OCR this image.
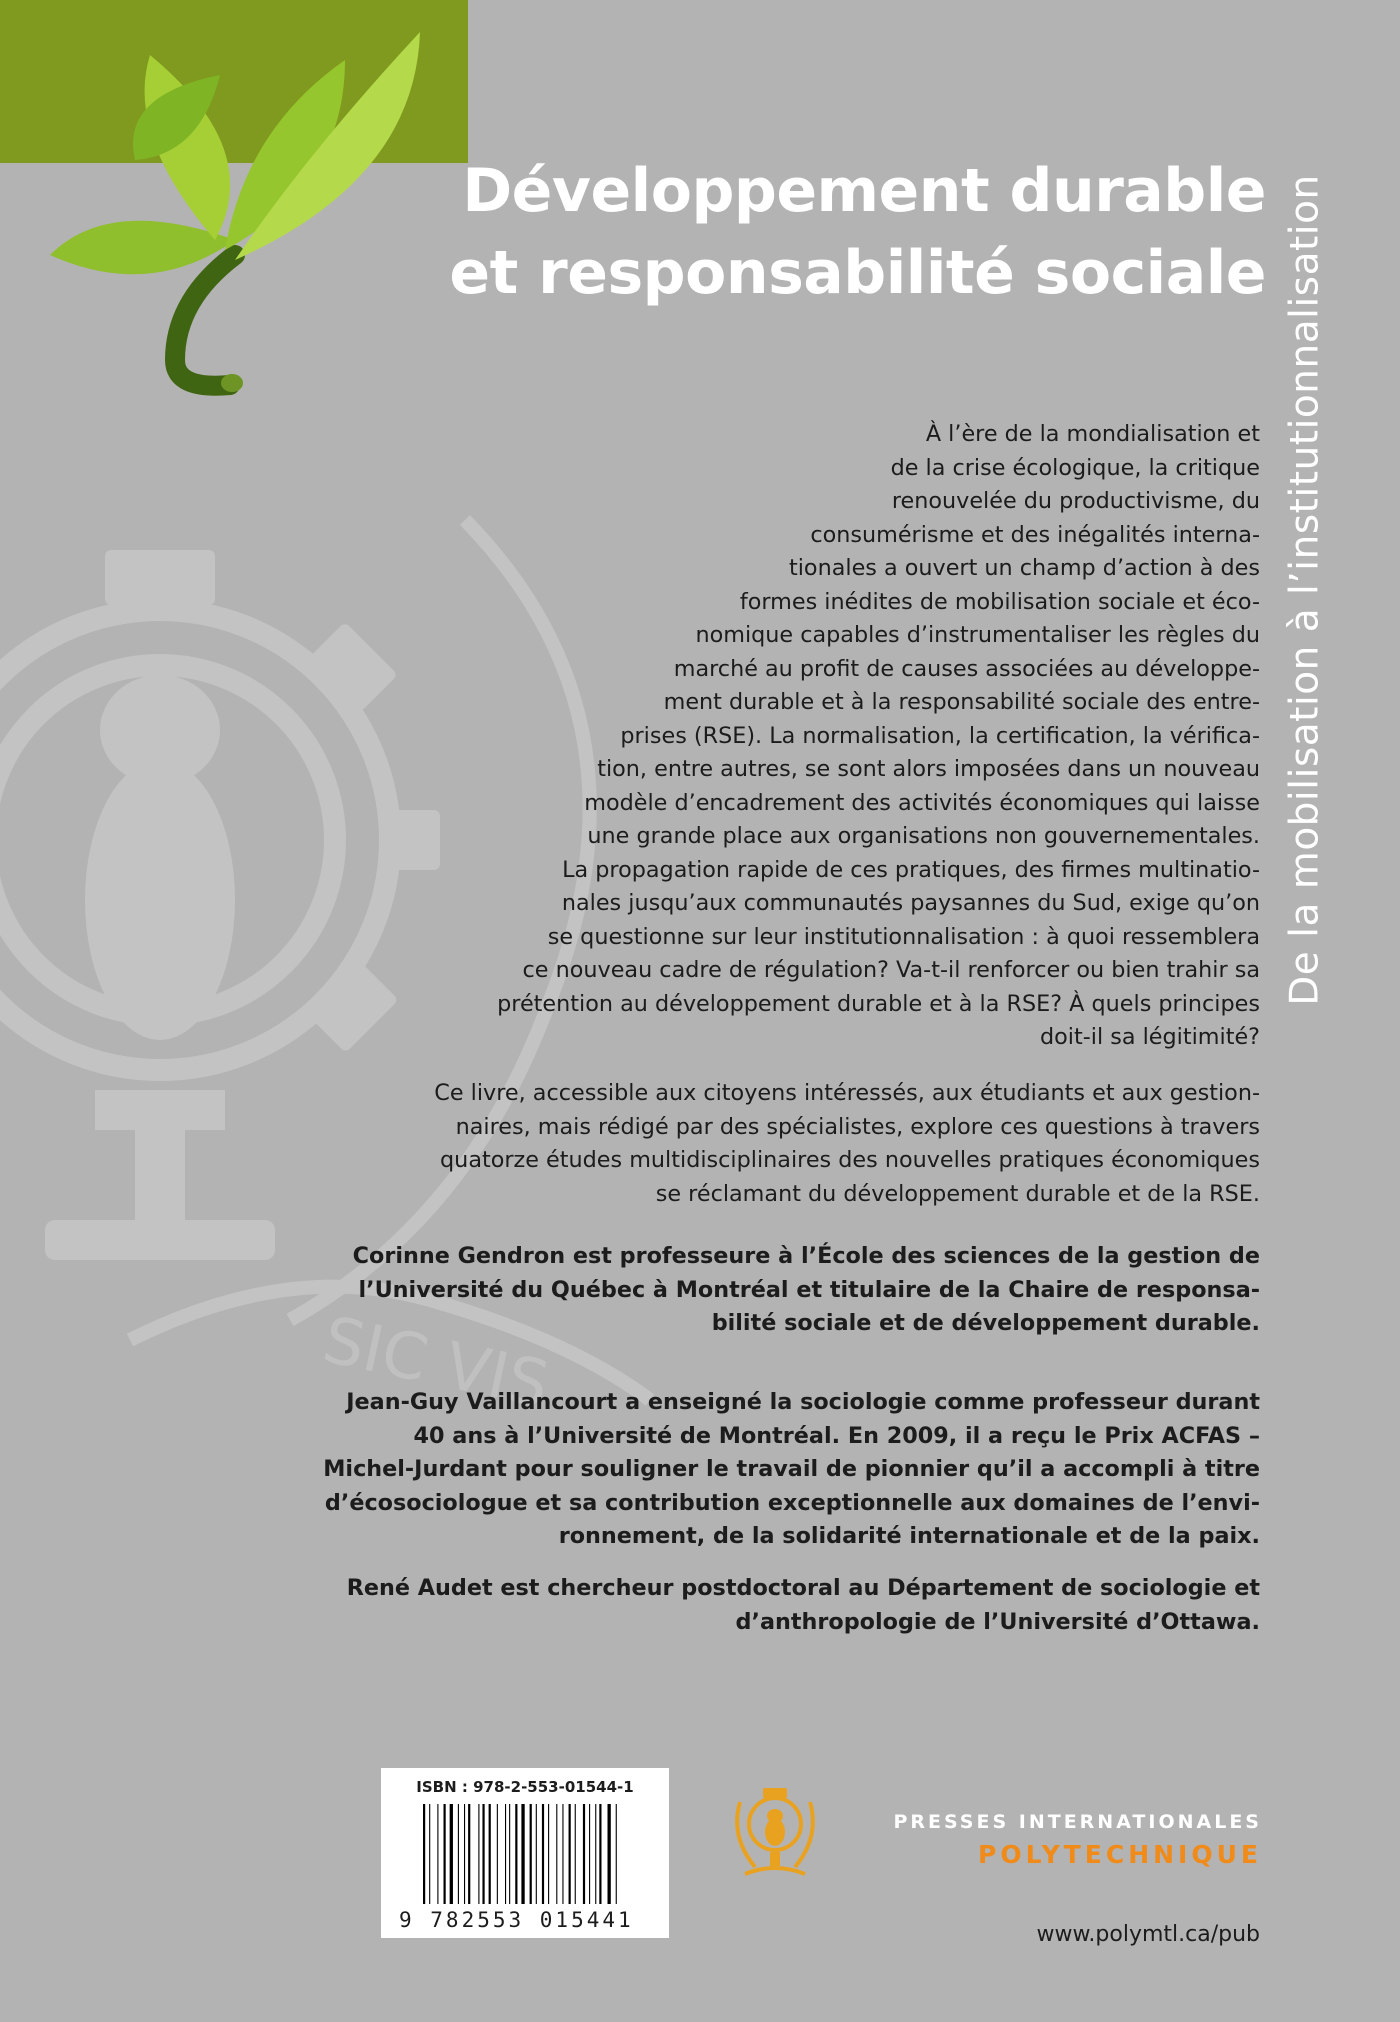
SIC VIS
Développement durable
et responsabilité sociale De la mobilisation à l’institutionnalisation

À l’ère de la mondialisation et
de la crise écologique, la critique
renouvelée du productivisme, du
consumérisme et des inégalités interna-
tionales a ouvert un champ d’action à des
formes inédites de mobilisation sociale et éco-
nomique capables d’instrumentaliser les règles du
marché au profit de causes associées au développe-
ment durable et à la responsabilité sociale des entre-
prises (RSE). La normalisation, la certification, la vérifica-
tion, entre autres, se sont alors imposées dans un nouveau
modèle d’encadrement des activités économiques qui laisse
une grande place aux organisations non gouvernementales.
La propagation rapide de ces pratiques, des firmes multinatio-
nales jusqu’aux communautés paysannes du Sud, exige qu’on
se questionne sur leur institutionnalisation : à quoi ressemblera
ce nouveau cadre de régulation? Va-t-il renforcer ou bien trahir sa
prétention au développement durable et à la RSE? À quels principes
doit-il sa légitimité?

Ce livre, accessible aux citoyens intéressés, aux étudiants et aux gestion-
naires, mais rédigé par des spécialistes, explore ces questions à travers
quatorze études multidisciplinaires des nouvelles pratiques économiques
se réclamant du développement durable et de la RSE.

Corinne Gendron est professeure à l’École des sciences de la gestion de
l’Université du Québec à Montréal et titulaire de la Chaire de responsa-
bilité sociale et de développement durable.

Jean-Guy Vaillancourt a enseigné la sociologie comme professeur durant
40 ans à l’Université de Montréal. En 2009, il a reçu le Prix ACFAS –
Michel-Jurdant pour souligner le travail de pionnier qu’il a accompli à titre
d’écosociologue et sa contribution exceptionnelle aux domaines de l’envi-
ronnement, de la solidarité internationale et de la paix.

René Audet est chercheur postdoctoral au Département de sociologie et
d’anthropologie de l’Université d’Ottawa.

ISBN : 978-2-553-01544-1
9 782553 015441

PRESSES INTERNATIONALES

POLYTECHNIQUE

www.polymtl.ca/pub
